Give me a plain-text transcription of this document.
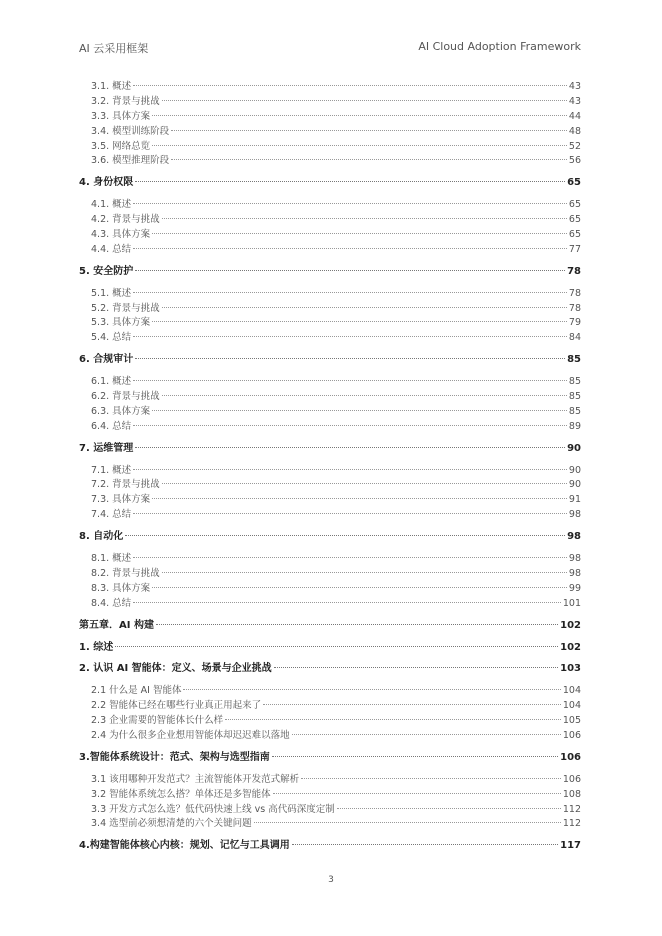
AI 云采用框架	AI Cloud Adoption Framework
3.1. 概述	43
3.2. 背景与挑战	43
3.3. 具体方案	44
3.4. 模型训练阶段	48
3.5. 网络总览	52
3.6. 模型推理阶段	56
4. 身份权限	65
4.1. 概述	65
4.2. 背景与挑战	65
4.3. 具体方案	65
4.4. 总结	77
5. 安全防护	78
5.1. 概述	78
5.2. 背景与挑战	78
5.3. 具体方案	79
5.4. 总结	84
6. 合规审计	85
6.1. 概述	85
6.2. 背景与挑战	85
6.3. 具体方案	85
6.4. 总结	89
7. 运维管理	90
7.1. 概述	90
7.2. 背景与挑战	90
7.3. 具体方案	91
7.4. 总结	98
8. 自动化	98
8.1. 概述	98
8.2. 背景与挑战	98
8.3. 具体方案	99
8.4. 总结	101
第五章．AI 构建	102
1. 综述	102
2. 认识 AI 智能体：定义、场景与企业挑战	103
2.1 什么是 AI 智能体	104
2.2 智能体已经在哪些行业真正用起来了	104
2.3 企业需要的智能体长什么样	105
2.4 为什么很多企业想用智能体却迟迟难以落地	106
3.智能体系统设计：范式、架构与选型指南	106
3.1 该用哪种开发范式？主流智能体开发范式解析	106
3.2 智能体系统怎么搭？单体还是多智能体	108
3.3 开发方式怎么选？低代码快速上线 vs 高代码深度定制	112
3.4 选型前必须想清楚的六个关键问题	112
4.构建智能体核心内核：规划、记忆与工具调用	117
3
